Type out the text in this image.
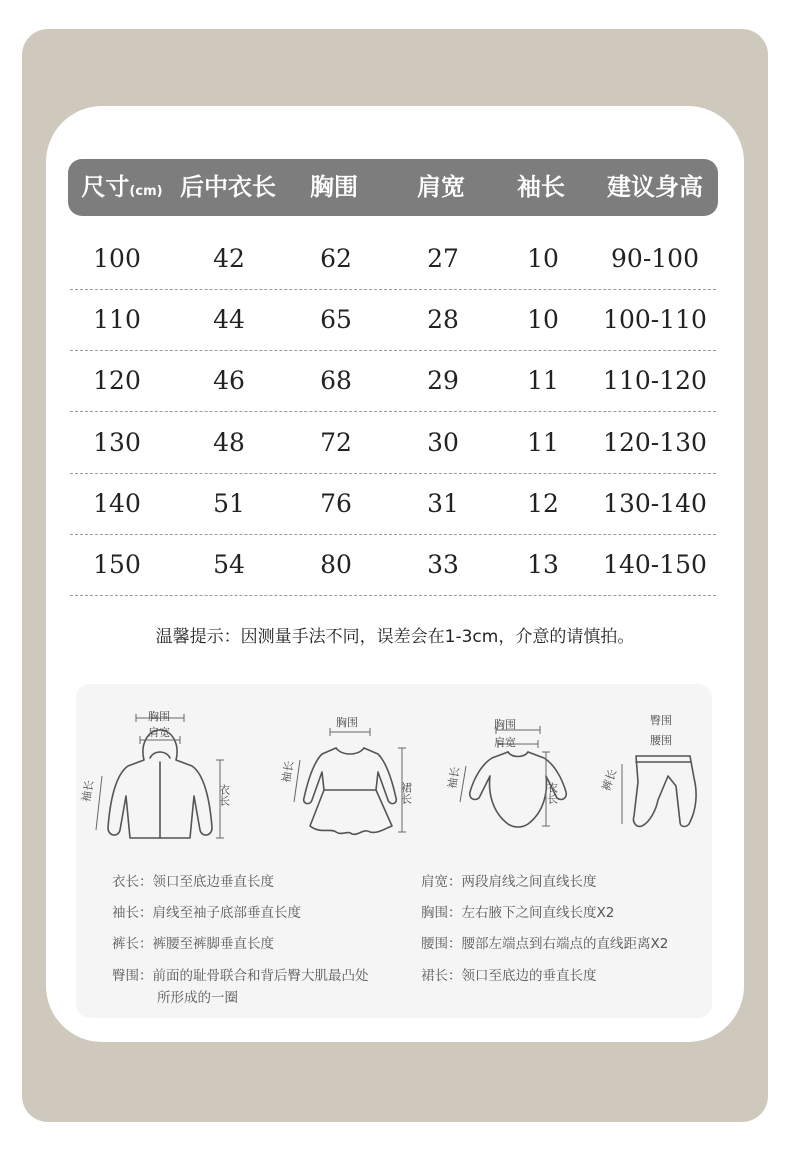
尺寸(cm) 后中衣长 胸围 肩宽 袖长 建议身高
100	42	62	27	10 90-100
110	44	65	28	10 100-110
120	46	68	29	11 110-120
130	48	72	30	11 120-130
140	51	76	31	12 130-140
150	54	80	33	13 140-150
温馨提示：因测量手法不同，误差会在1-3cm，介意的请慎拍。
胸围
肩宽
袖长	衣长
胸围
袖长
裙长
胸围
肩宽
袖长
衣长
臀围
腰围
裤长
衣长：领口至底边垂直长度
袖长：肩线至袖子底部垂直长度
裤长：裤腰至裤脚垂直长度
臀围：前面的耻骨联合和背后臀大肌最凸处
所形成的一圈
肩宽：两段肩线之间直线长度
胸围：左右腋下之间直线长度X2
腰围：腰部左端点到右端点的直线距离X2
裙长：领口至底边的垂直长度
